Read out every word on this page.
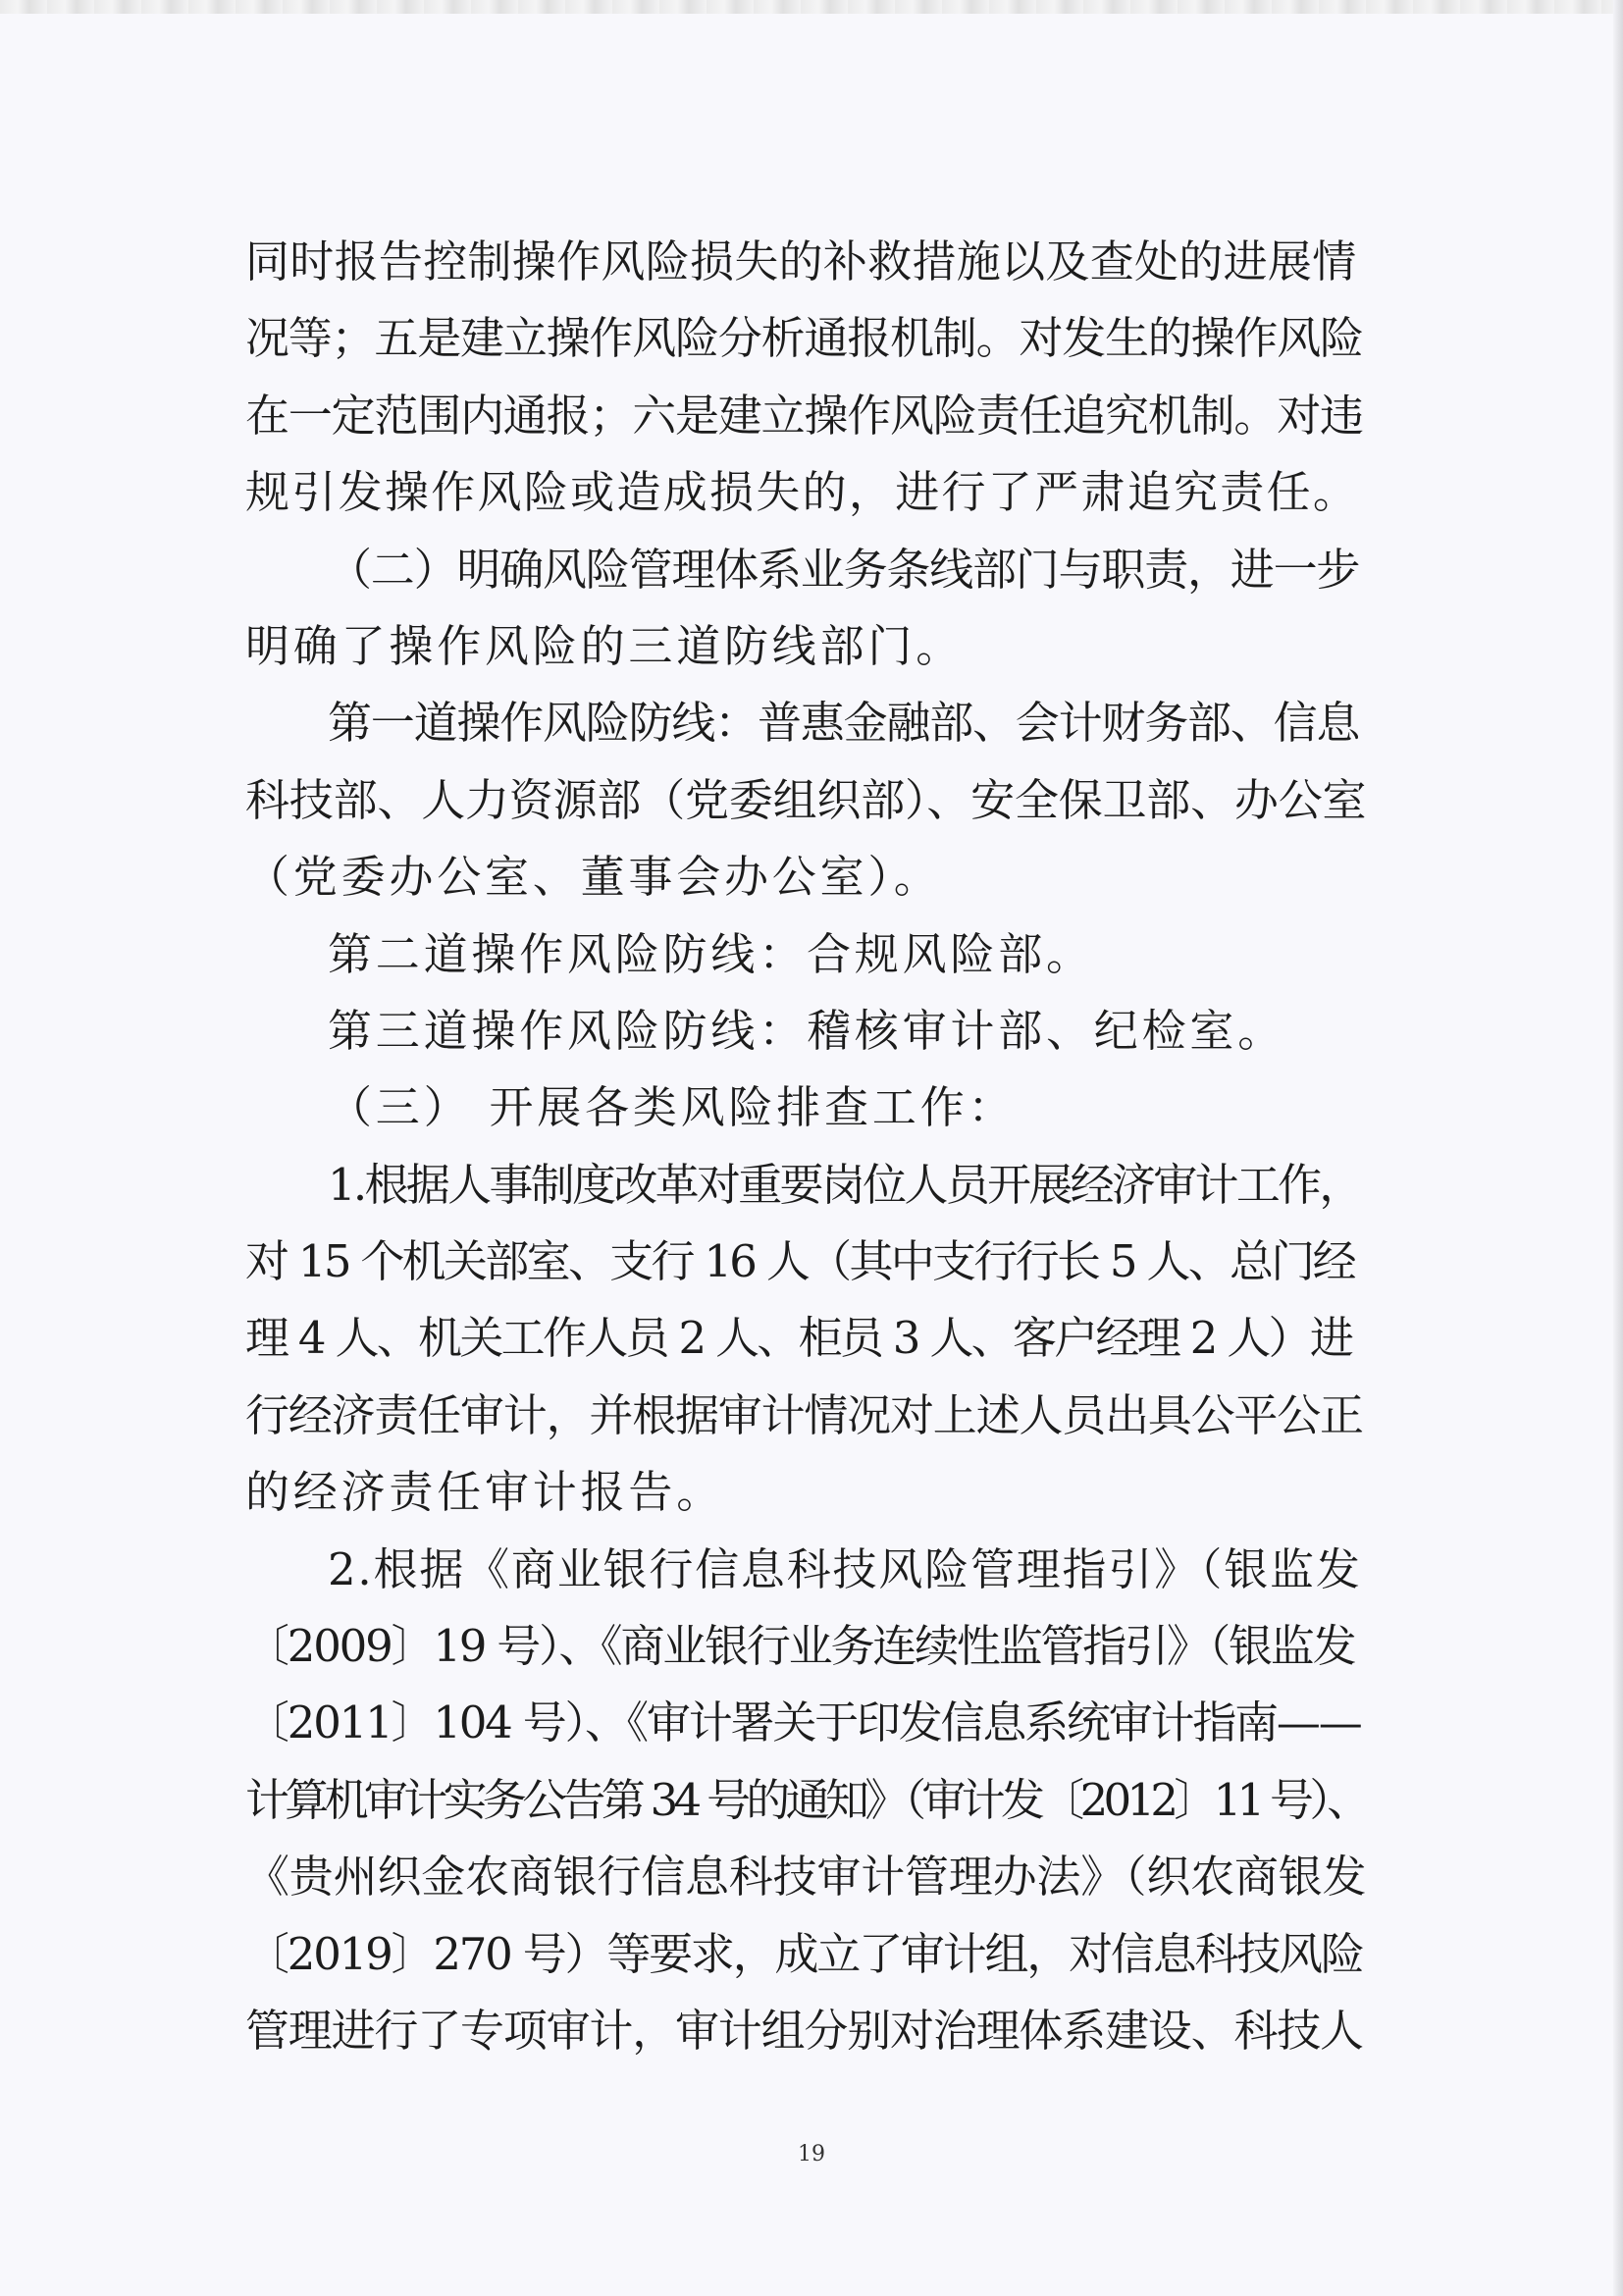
同时报告控制操作风险损失的补救措施以及查处的进展情
况等；五是建立操作风险分析通报机制。对发生的操作风险
在一定范围内通报；六是建立操作风险责任追究机制。对违
规引发操作风险或造成损失的，进行了严肃追究责任。
（二）明确风险管理体系业务条线部门与职责，进一步
明确了操作风险的三道防线部门。
第一道操作风险防线：普惠金融部、会计财务部、信息
科技部、人力资源部（党委组织部）、安全保卫部、办公室
（党委办公室、董事会办公室）。
第二道操作风险防线：合规风险部。
第三道操作风险防线：稽核审计部、纪检室。
（三） 开展各类风险排查工作：
1.根据人事制度改革对重要岗位人员开展经济审计工作，
对 15 个机关部室、支行 16 人（其中支行行长 5 人、总门经
理 4 人、机关工作人员 2 人、柜员 3 人、客户经理 2 人）进
行经济责任审计，并根据审计情况对上述人员出具公平公正
的经济责任审计报告。
2.根据《商业银行信息科技风险管理指引》（银监发
〔2009〕19 号）、《商业银行业务连续性监管指引》（银监发
〔2011〕104 号）、《审计署关于印发信息系统审计指南——
计算机审计实务公告第 34 号的通知》（审计发〔2012〕11 号）、
《贵州织金农商银行信息科技审计管理办法》（织农商银发
〔2019〕270 号）等要求，成立了审计组，对信息科技风险
管理进行了专项审计，审计组分别对治理体系建设、科技人
19
